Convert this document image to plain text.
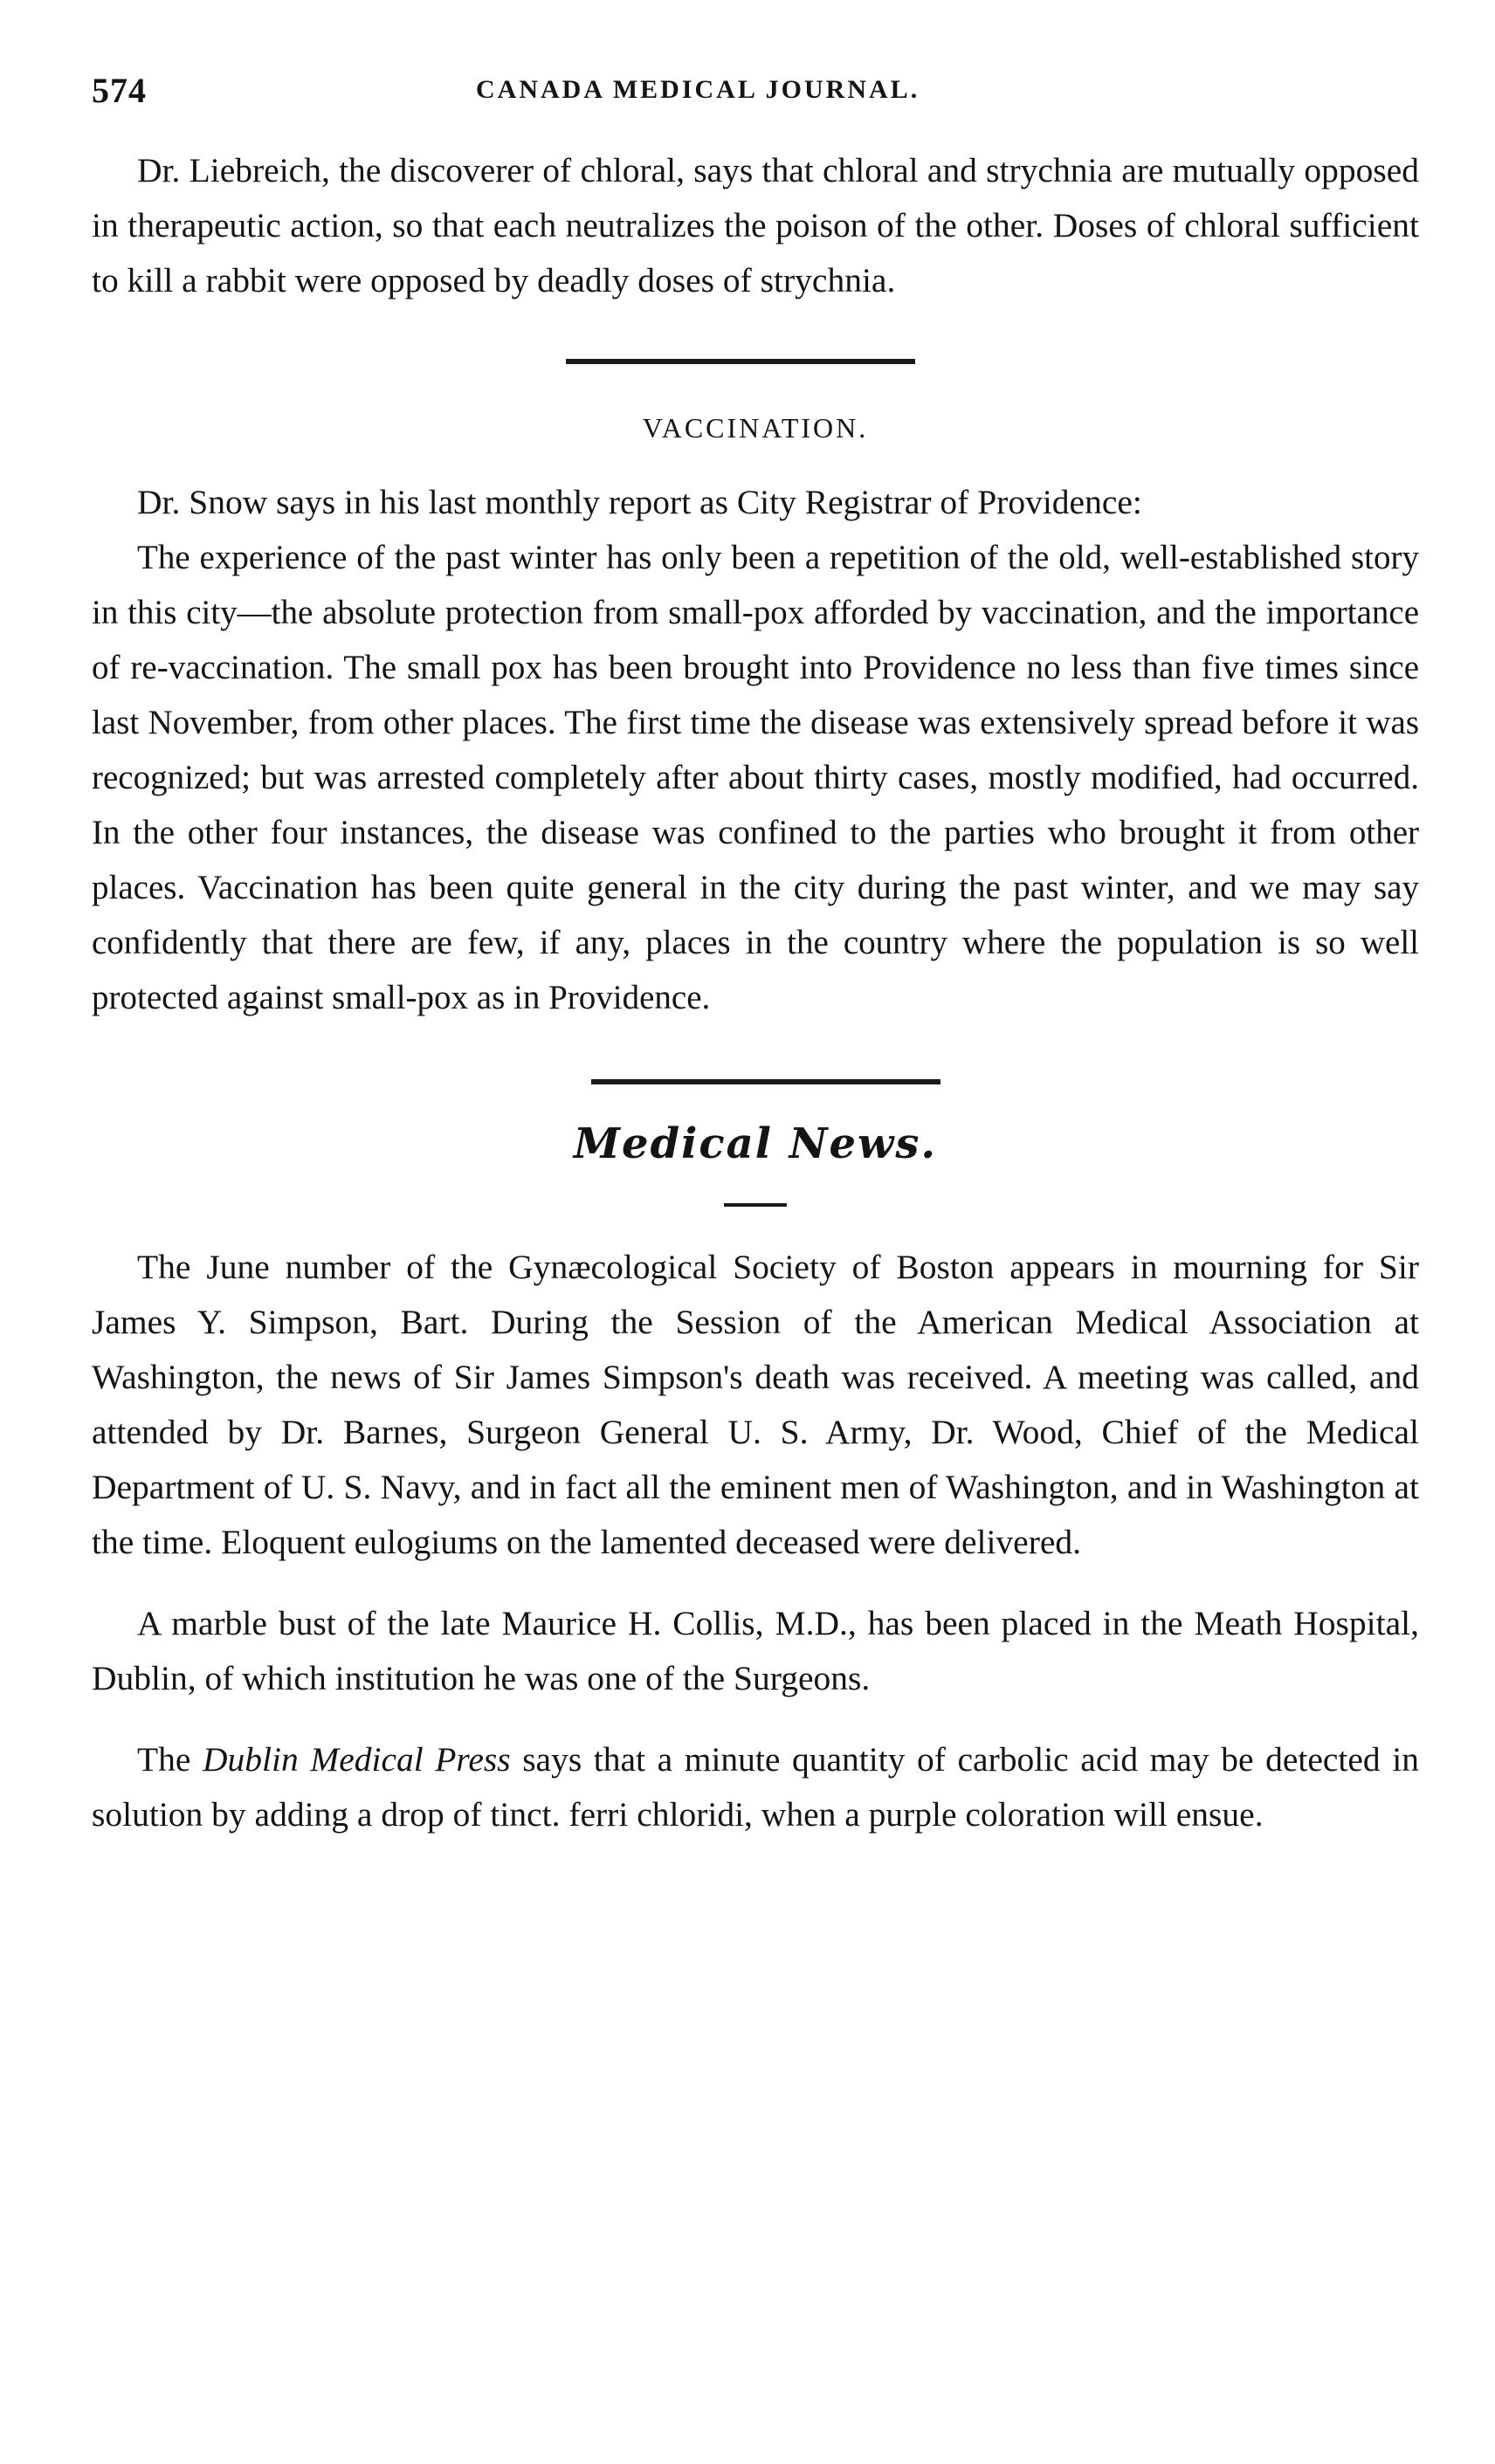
574	CANADA MEDICAL JOURNAL.

Dr. Liebreich, the discoverer of chloral, says that chloral and strychnia are mutually opposed in therapeutic action, so that each neutralizes the poison of the other. Doses of chloral sufficient to kill a rabbit were opposed by deadly doses of strychnia.

VACCINATION.

Dr. Snow says in his last monthly report as City Registrar of Providence:

The experience of the past winter has only been a repetition of the old, well-established story in this city—the absolute protection from small-pox afforded by vaccination, and the importance of re-vaccination. The small pox has been brought into Providence no less than five times since last November, from other places. The first time the disease was extensively spread before it was recognized; but was arrested completely after about thirty cases, mostly modified, had occurred. In the other four instances, the disease was confined to the parties who brought it from other places. Vaccination has been quite general in the city during the past winter, and we may say confidently that there are few, if any, places in the country where the population is so well protected against small-pox as in Providence.

Medical News.

The June number of the Gynæcological Society of Boston appears in mourning for Sir James Y. Simpson, Bart. During the Session of the American Medical Association at Washington, the news of Sir James Simpson's death was received. A meeting was called, and attended by Dr. Barnes, Surgeon General U. S. Army, Dr. Wood, Chief of the Medical Department of U. S. Navy, and in fact all the eminent men of Washington, and in Washington at the time. Eloquent eulogiums on the lamented deceased were delivered.

A marble bust of the late Maurice H. Collis, M.D., has been placed in the Meath Hospital, Dublin, of which institution he was one of the Surgeons.

The Dublin Medical Press says that a minute quantity of carbolic acid may be detected in solution by adding a drop of tinct. ferri chloridi, when a purple coloration will ensue.
